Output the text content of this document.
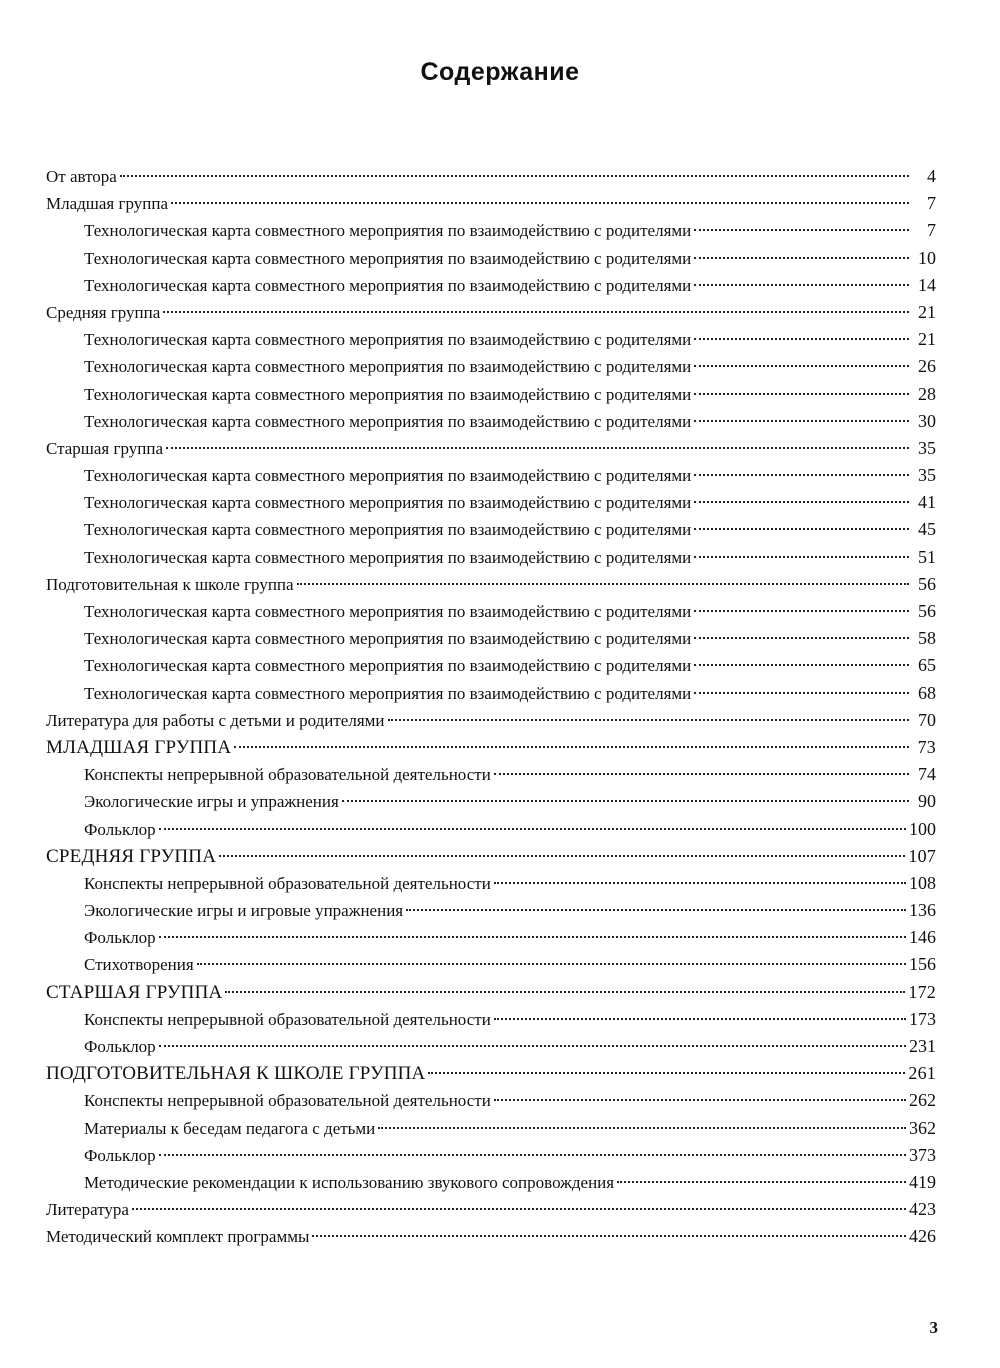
Содержание
От автора	4
Младшая группа	7
Технологическая карта совместного мероприятия по взаимодействию с родителями	7
Технологическая карта совместного мероприятия по взаимодействию с родителями	10
Технологическая карта совместного мероприятия по взаимодействию с родителями	14
Средняя группа	21
Технологическая карта совместного мероприятия по взаимодействию с родителями	21
Технологическая карта совместного мероприятия по взаимодействию с родителями	26
Технологическая карта совместного мероприятия по взаимодействию с родителями	28
Технологическая карта совместного мероприятия по взаимодействию с родителями	30
Старшая группа	35
Технологическая карта совместного мероприятия по взаимодействию с родителями	35
Технологическая карта совместного мероприятия по взаимодействию с родителями	41
Технологическая карта совместного мероприятия по взаимодействию с родителями	45
Технологическая карта совместного мероприятия по взаимодействию с родителями	51
Подготовительная к школе группа	56
Технологическая карта совместного мероприятия по взаимодействию с родителями	56
Технологическая карта совместного мероприятия по взаимодействию с родителями	58
Технологическая карта совместного мероприятия по взаимодействию с родителями	65
Технологическая карта совместного мероприятия по взаимодействию с родителями	68
Литература для работы с детьми и родителями	70
МЛАДШАЯ ГРУППА	73
Конспекты непрерывной образовательной деятельности	74
Экологические игры и упражнения	90
Фольклор	100
СРЕДНЯЯ ГРУППА	107
Конспекты непрерывной образовательной деятельности	108
Экологические игры и игровые упражнения	136
Фольклор	146
Стихотворения	156
СТАРШАЯ ГРУППА	172
Конспекты непрерывной образовательной деятельности	173
Фольклор	231
ПОДГОТОВИТЕЛЬНАЯ К ШКОЛЕ ГРУППА	261
Конспекты непрерывной образовательной деятельности	262
Материалы к беседам педагога с детьми	362
Фольклор	373
Методические рекомендации к использованию звукового сопровождения	419
Литература	423
Методический комплект программы	426
3
